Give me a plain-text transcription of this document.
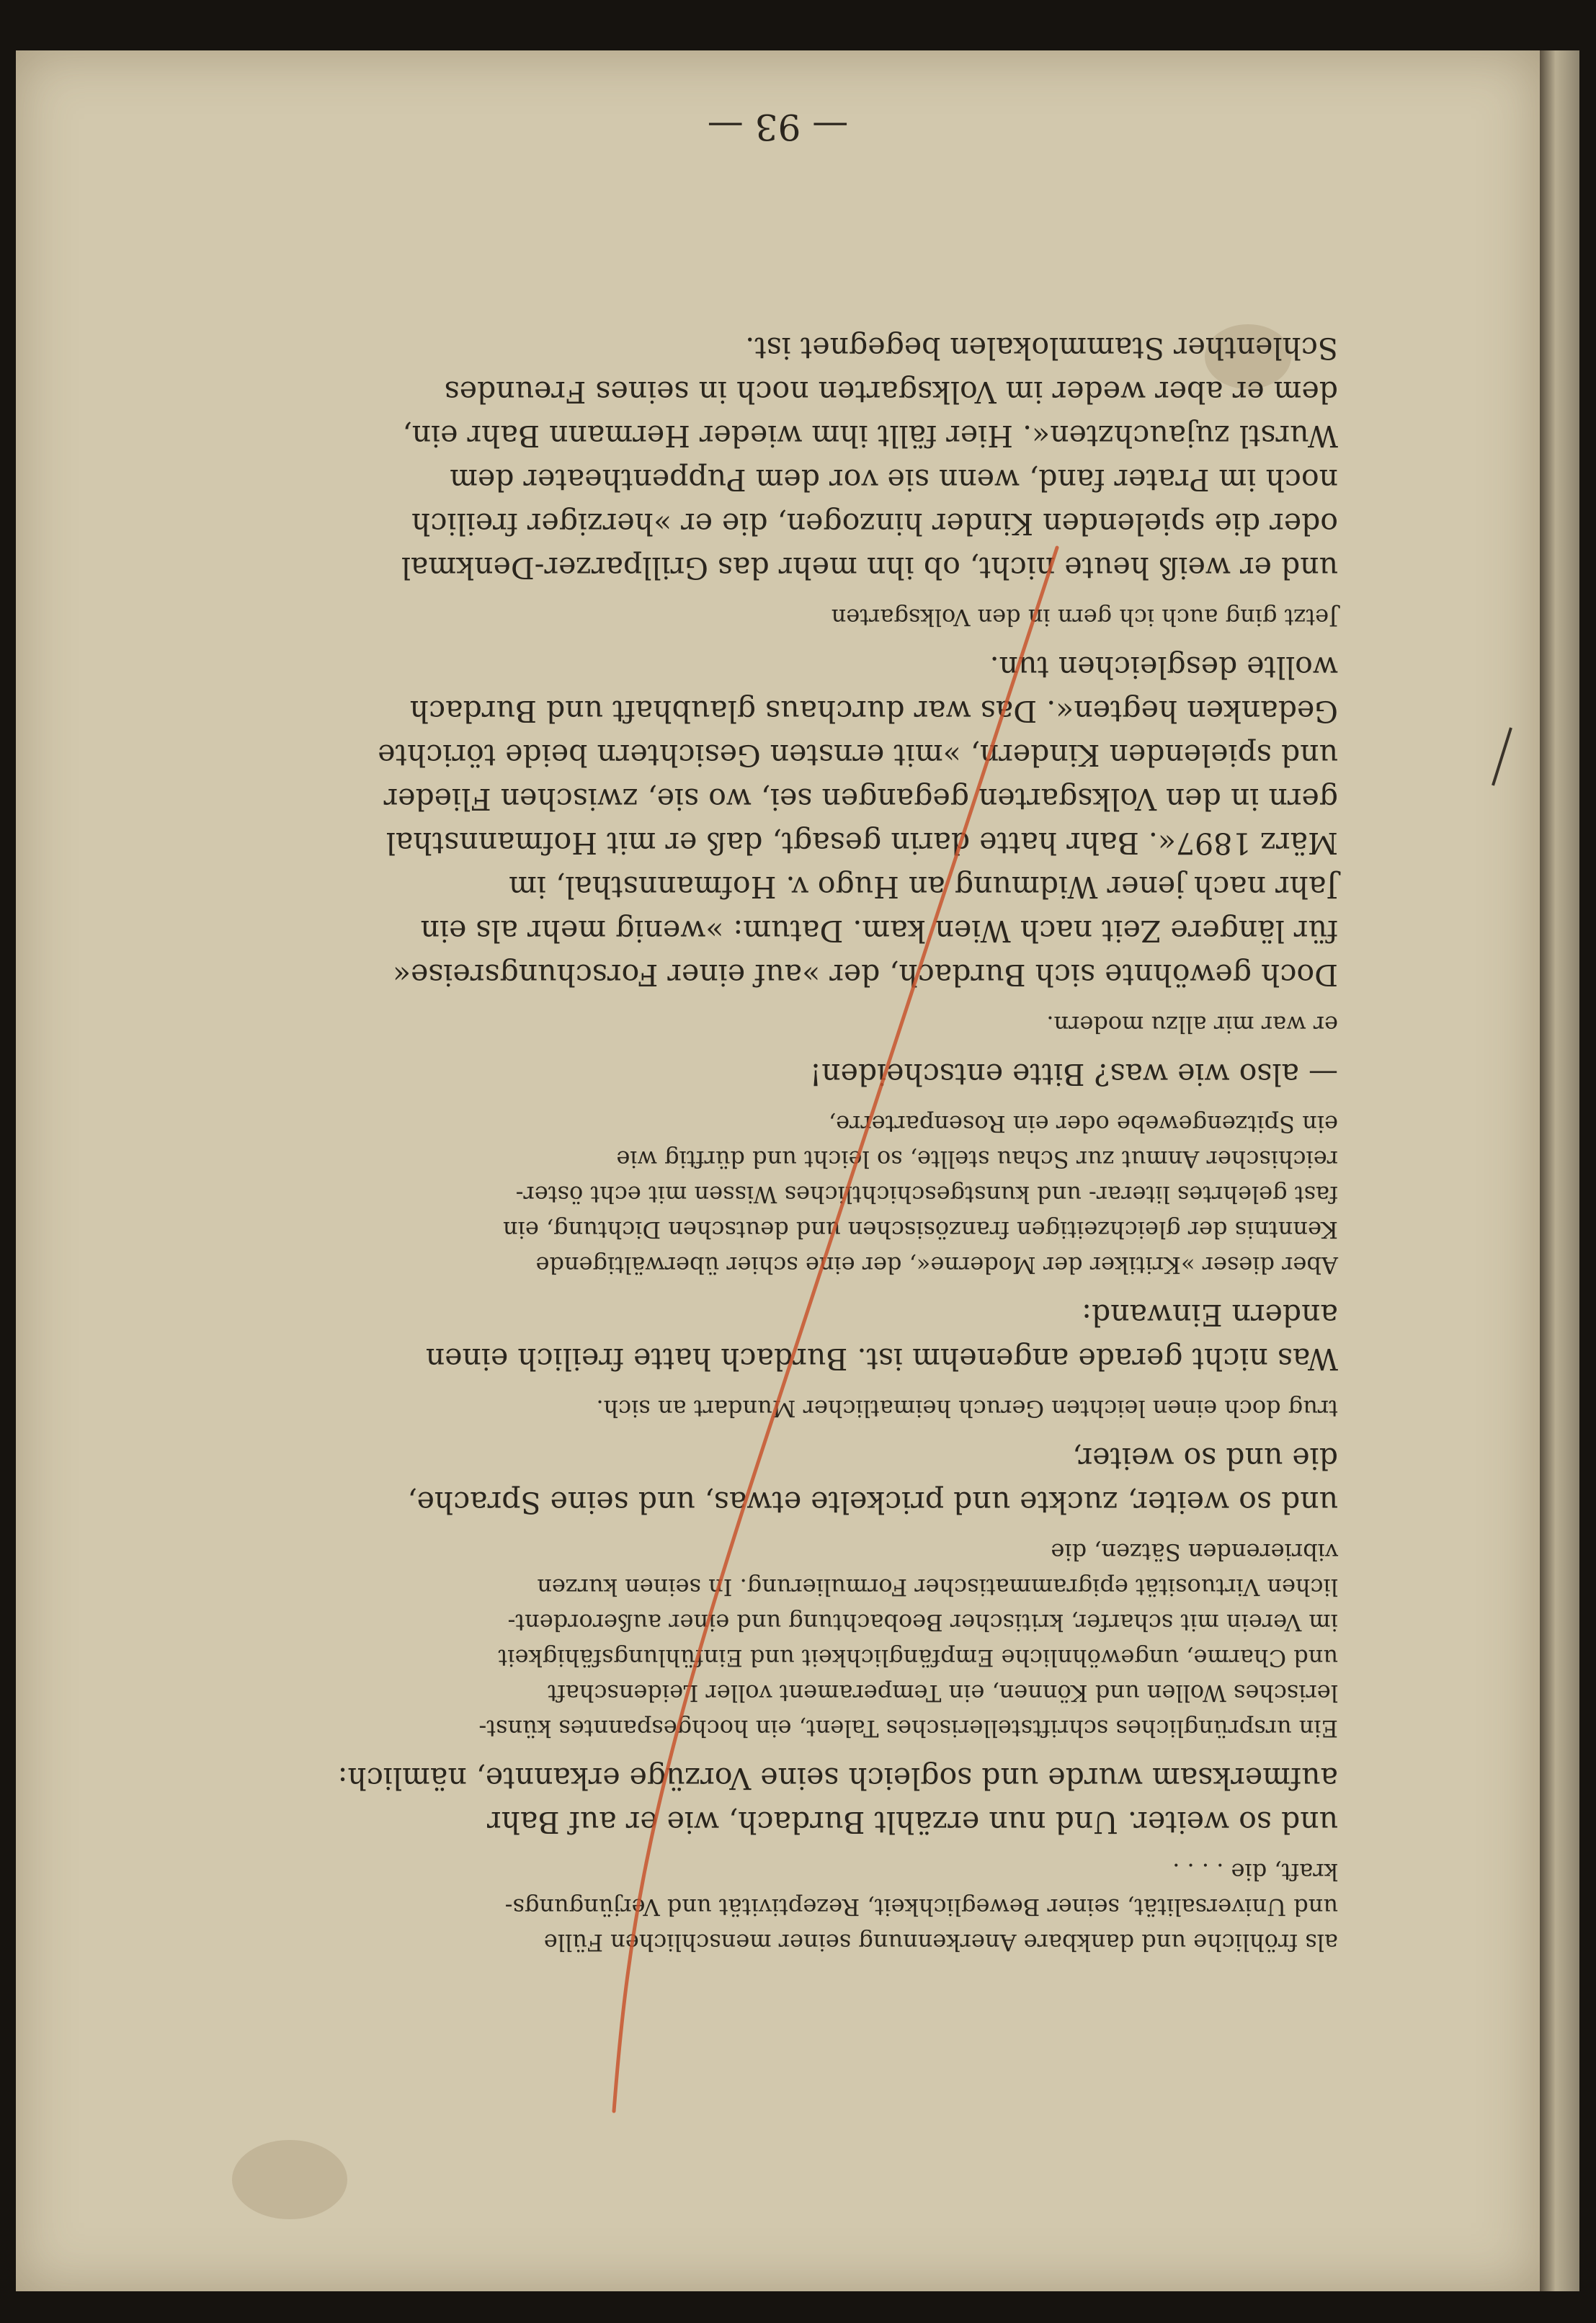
als fröhliche und dankbare Anerkennung seiner menschlichen Fülle
und Universalität, seiner Beweglichkeit, Rezeptivität und Verjüngungs-
kraft, die . . . .
und so weiter. Und nun erzählt Burdach, wie er auf Bahr
aufmerksam wurde und sogleich seine Vorzüge erkannte, nämlich:
Ein ursprüngliches schriftstellerisches Talent, ein hochgespanntes künst-
lerisches Wollen und Können, ein Temperament voller Leidenschaft
und Charme, ungewöhnliche Empfänglichkeit und Einfühlungsfähigkeit
im Verein mit scharfer, kritischer Beobachtung und einer außerordent-
lichen Virtuosität epigrammatischer Formulierung. In seinen kurzen
vibrierenden Sätzen, die
und so weiter, zuckte und prickelte etwas, und seine Sprache,
die und so weiter,
trug doch einen leichten Geruch heimatlicher Mundart an sich.
Was nicht gerade angenehm ist. Burdach hatte freilich einen
andern Einwand:
Aber dieser »Kritiker der Moderne«, der eine schier überwältigende
Kenntnis der gleichzeitigen französischen und deutschen Dichtung, ein
fast gelehrtes literar- und kunstgeschichtliches Wissen mit echt öster-
reichischer Anmut zur Schau stellte, so leicht und dürftig wie
ein Spitzengewebe oder ein Rosenparterre,
— also wie was? Bitte entscheiden!
er war mir allzu modern.
Doch gewöhnte sich Burdach, der »auf einer Forschungsreise«
für längere Zeit nach Wien kam. Datum: »wenig mehr als ein
Jahr nach jener Widmung an Hugo v. Hofmannsthal, im
März 1897«. Bahr hatte darin gesagt, daß er mit Hofmannsthal
gern in den Volksgarten gegangen sei, wo sie, zwischen Flieder
und spielenden Kindern, »mit ernsten Gesichtern beide törichte
Gedanken hegten«. Das war durchaus glaubhaft und Burdach
wollte desgleichen tun.
Jetzt ging auch ich gern in den Volksgarten
und er weiß heute nicht, ob ihn mehr das Grillparzer-Denkmal
oder die spielenden Kinder hinzogen, die er »herziger freilich
noch im Prater fand, wenn sie vor dem Puppentheater dem
Wurstl zujauchzten«. Hier fällt ihm wieder Hermann Bahr ein,
dem er aber weder im Volksgarten noch in seines Freundes
Schlenther Stammlokalen begegnet ist.
— 93 —
